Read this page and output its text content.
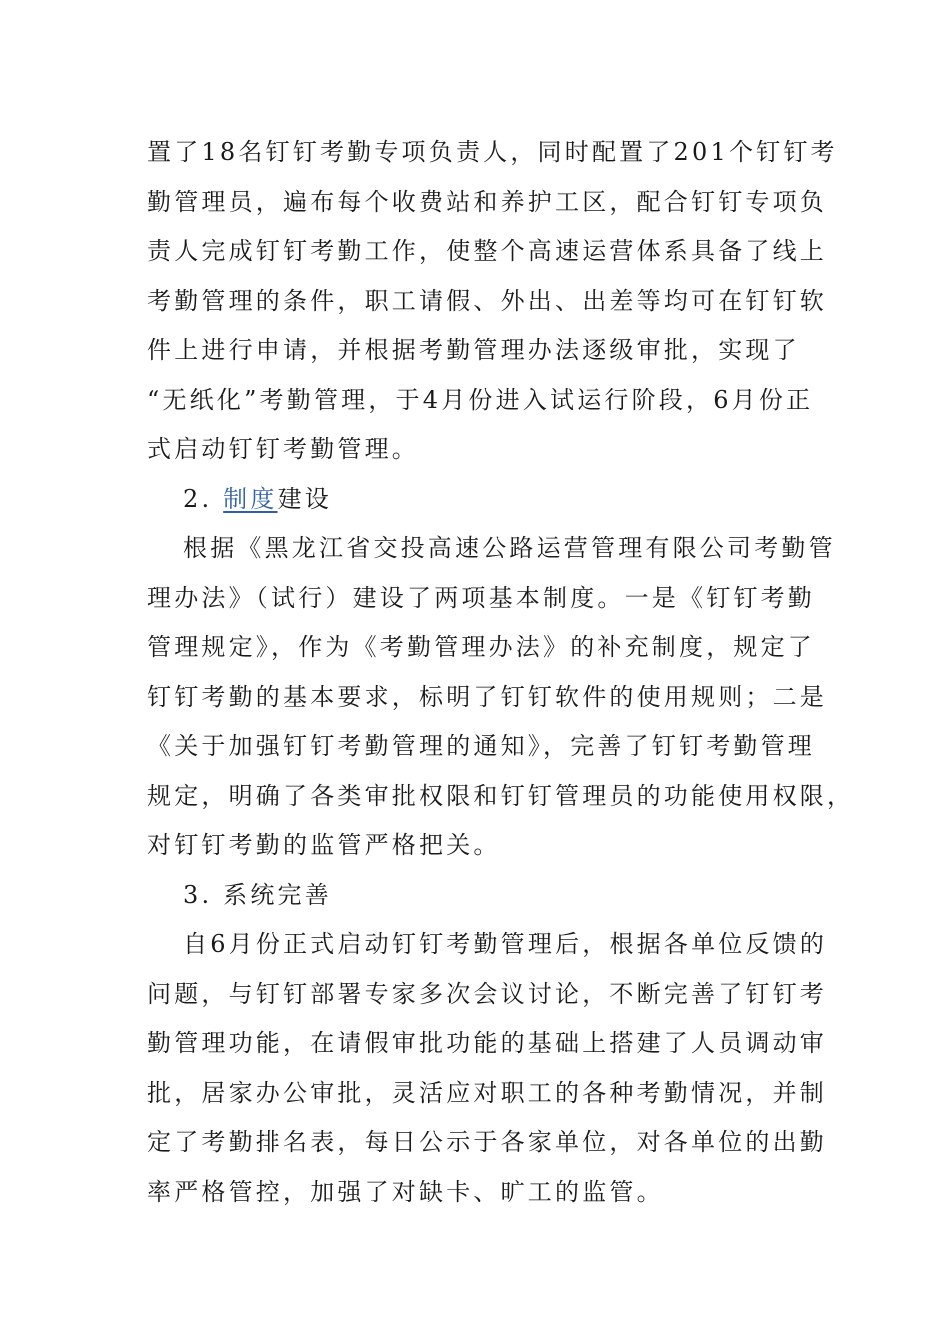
置了18名钉钉考勤专项负责人，同时配置了201个钉钉考
勤管理员，遍布每个收费站和养护工区，配合钉钉专项负
责人完成钉钉考勤工作，使整个高速运营体系具备了线上
考勤管理的条件，职工请假、外出、出差等均可在钉钉软
件上进行申请，并根据考勤管理办法逐级审批，实现了
“无纸化”考勤管理，于4月份进入试运行阶段，6月份正
式启动钉钉考勤管理。
2. 制度建设
根据《黑龙江省交投高速公路运营管理有限公司考勤管
理办法》（试行）建设了两项基本制度。一是《钉钉考勤
管理规定》，作为《考勤管理办法》的补充制度，规定了
钉钉考勤的基本要求，标明了钉钉软件的使用规则；二是
《关于加强钉钉考勤管理的通知》，完善了钉钉考勤管理
规定，明确了各类审批权限和钉钉管理员的功能使用权限，
对钉钉考勤的监管严格把关。
3. 系统完善
自6月份正式启动钉钉考勤管理后，根据各单位反馈的
问题，与钉钉部署专家多次会议讨论，不断完善了钉钉考
勤管理功能，在请假审批功能的基础上搭建了人员调动审
批，居家办公审批，灵活应对职工的各种考勤情况，并制
定了考勤排名表，每日公示于各家单位，对各单位的出勤
率严格管控，加强了对缺卡、旷工的监管。
